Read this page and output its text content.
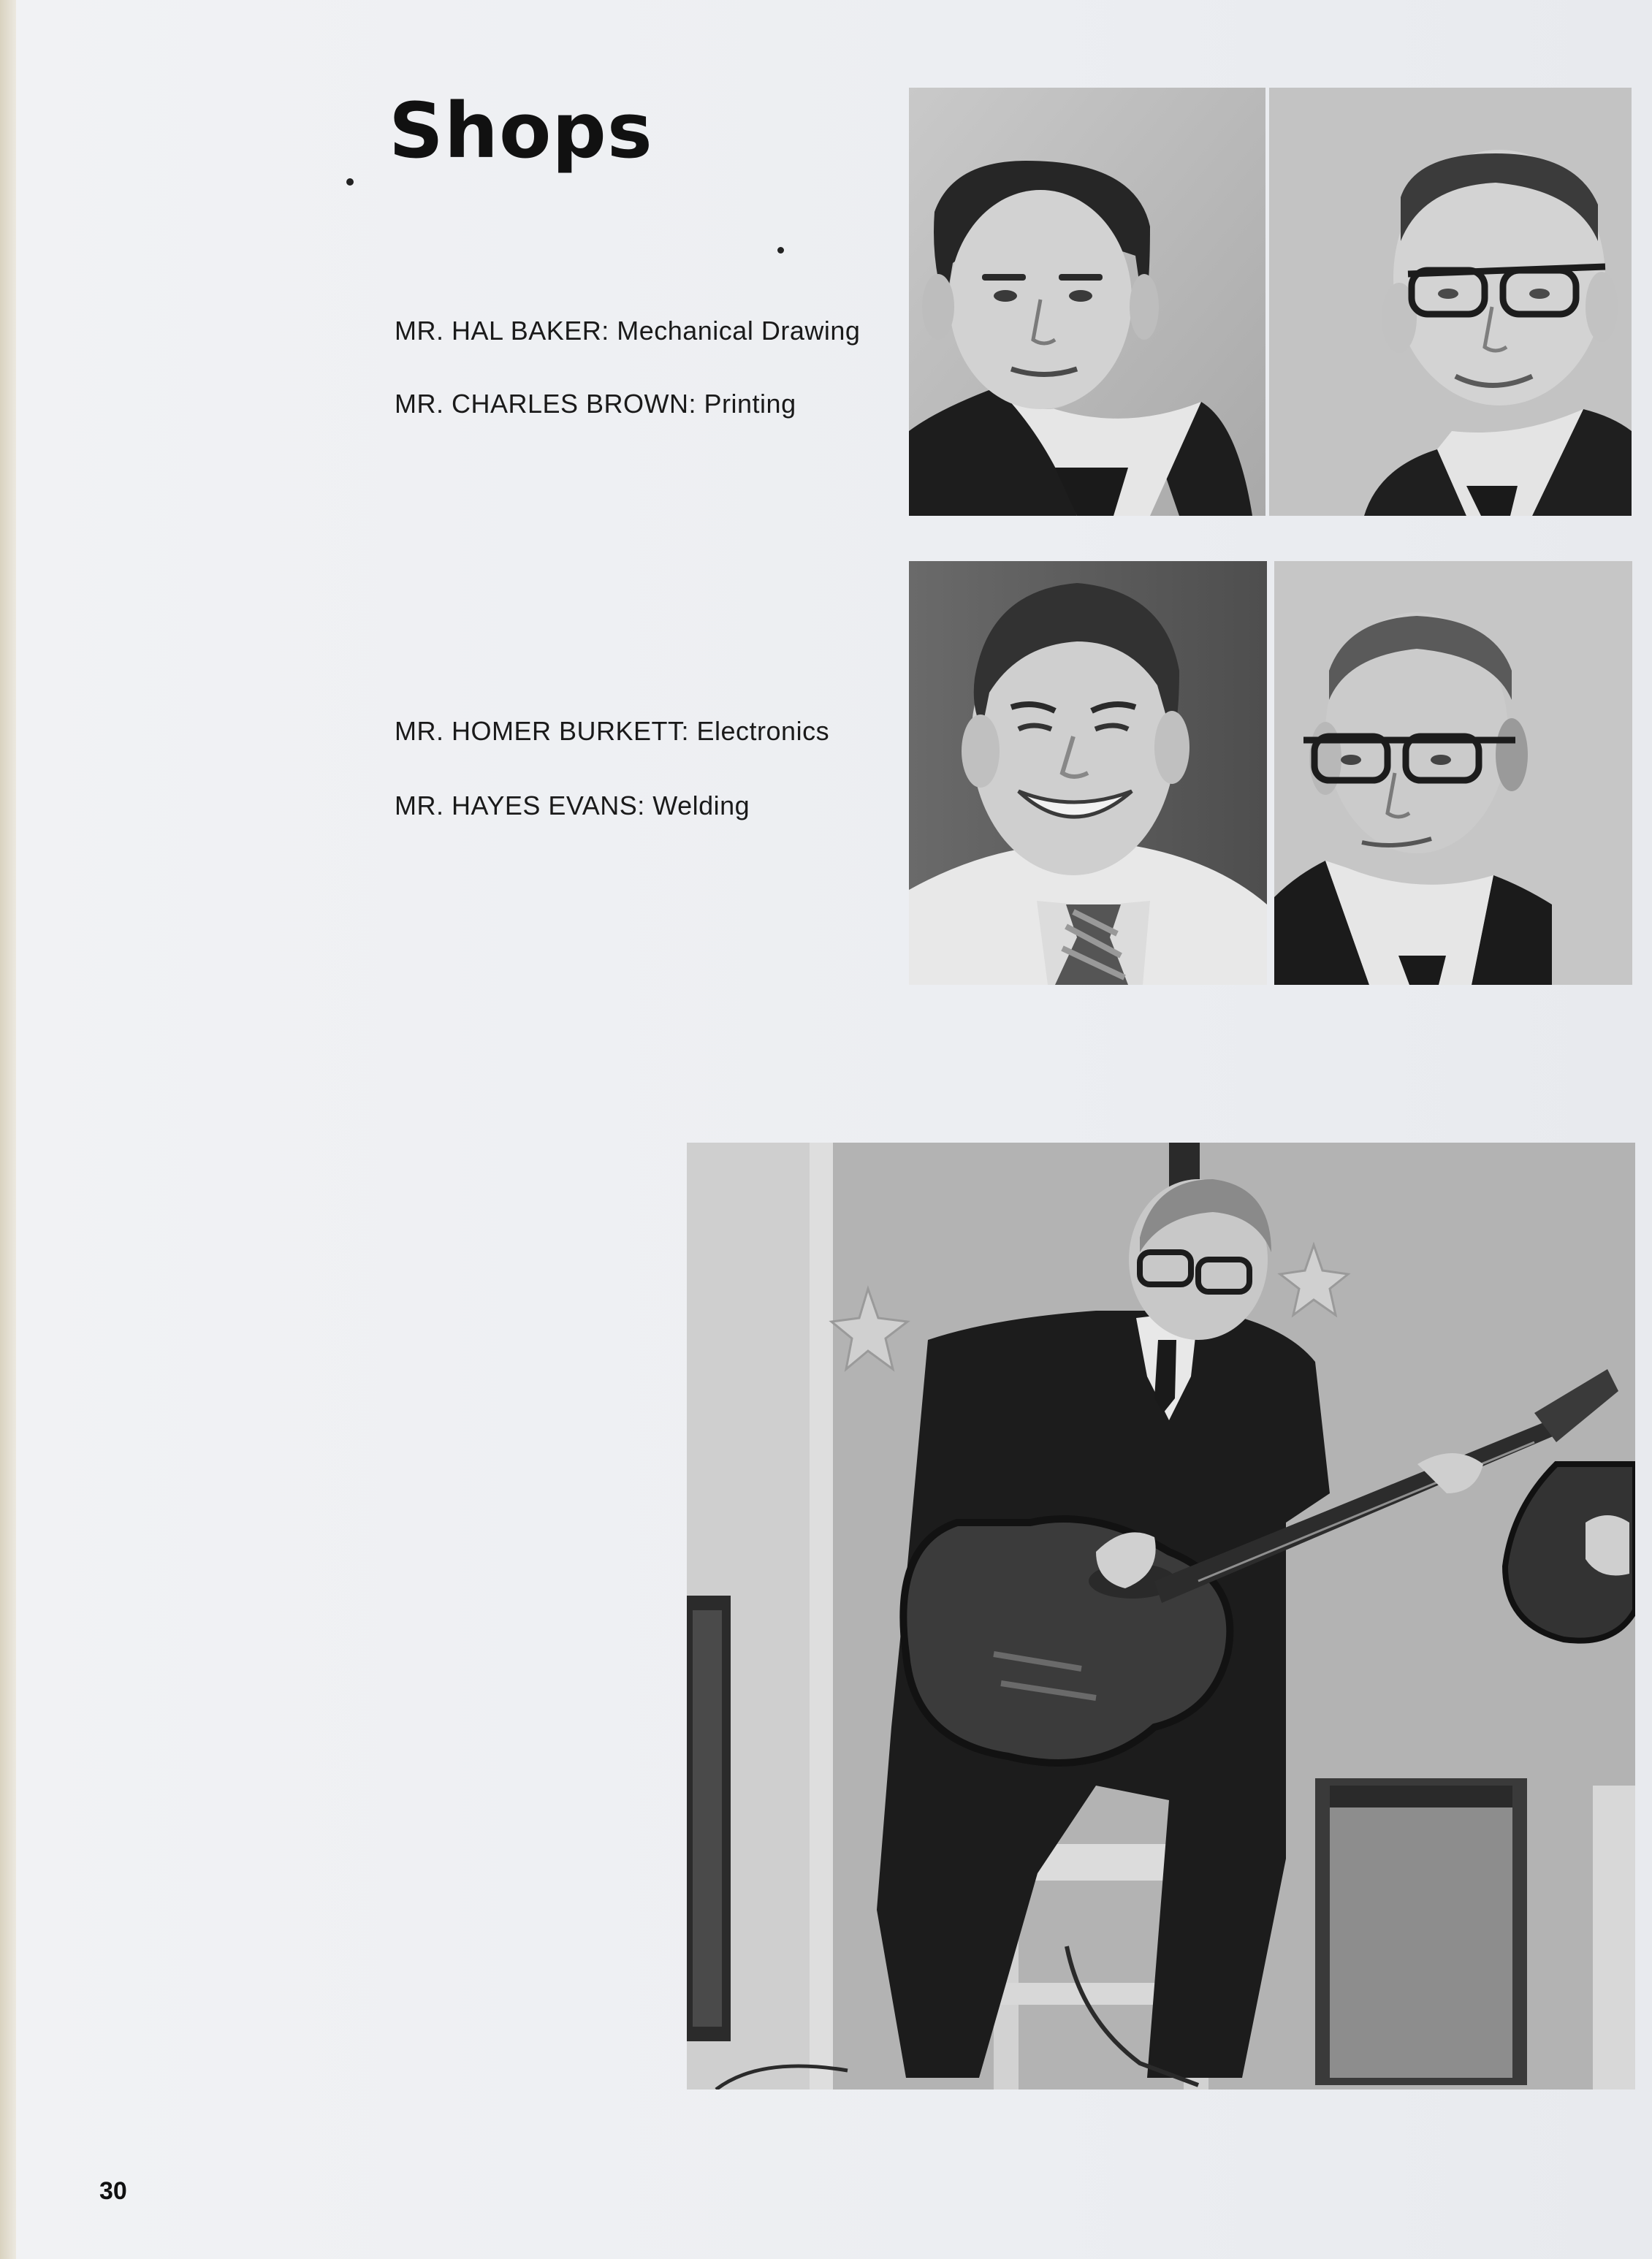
Shops
MR. HAL BAKER: Mechanical Drawing
MR. CHARLES BROWN: Printing
MR. HOMER BURKETT: Electronics
MR. HAYES EVANS: Welding
30
